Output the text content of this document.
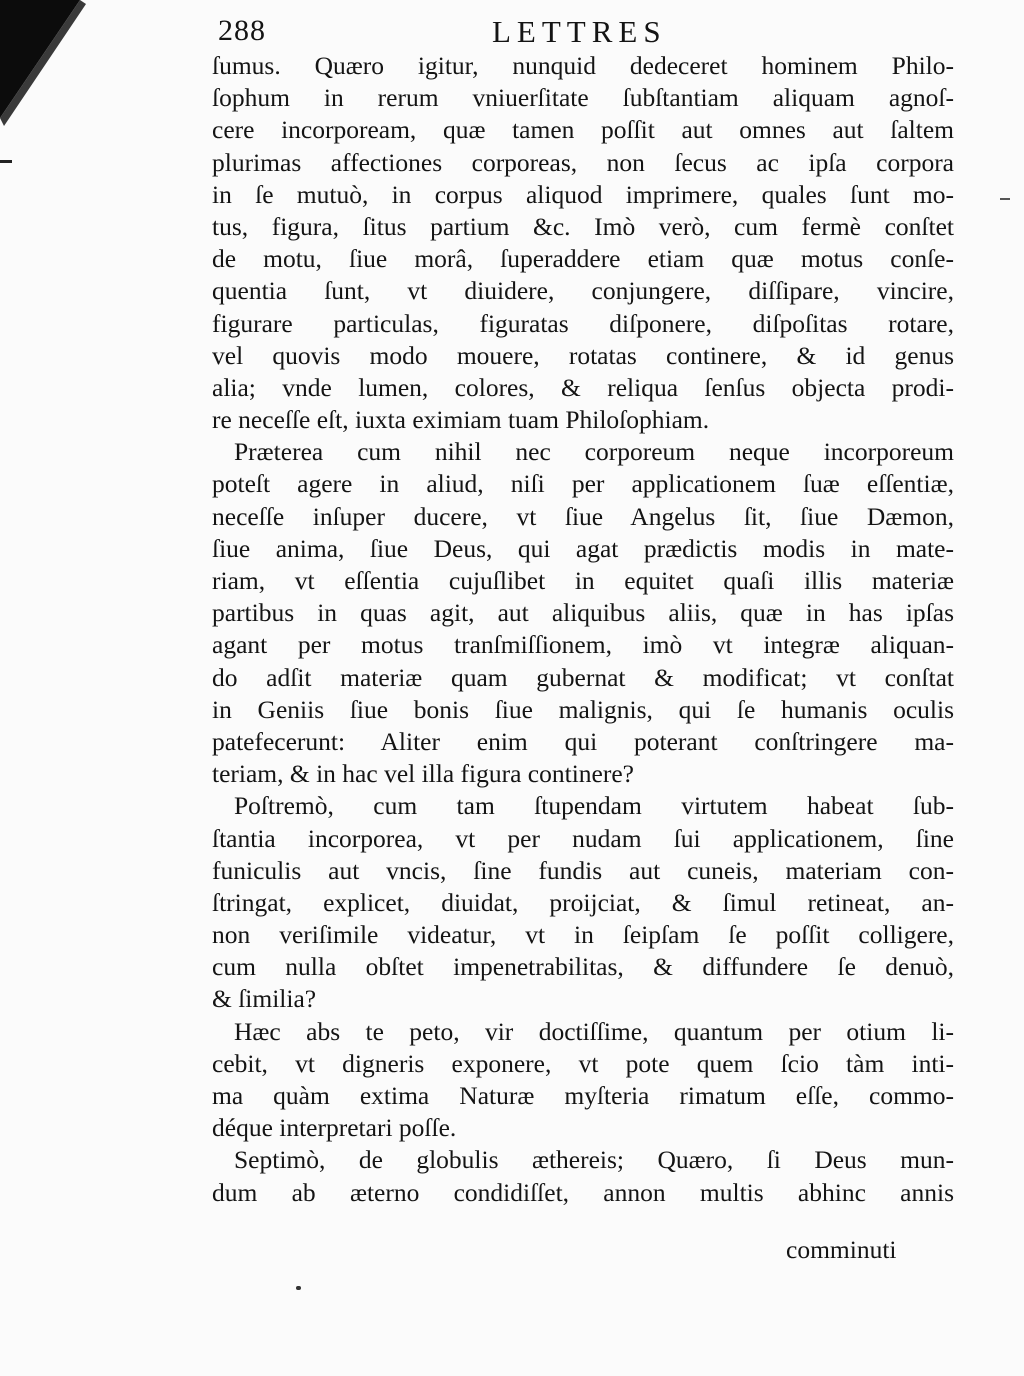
288	LETTRES
ſumus. Quæro igitur, nunquid dedeceret hominem Philo-
ſophum in rerum vniuerſitate ſubſtantiam aliquam agnoſ-
cere incorpoream, quæ tamen poſſit aut omnes aut ſaltem
plurimas affectiones corporeas, non ſecus ac ipſa corpora
in ſe mutuò, in corpus aliquod imprimere, quales ſunt mo-
tus, figura, ſitus partium &c. Imò verò, cum fermè conſtet
de motu, ſiue morâ, ſuperaddere etiam quæ motus conſe-
quentia ſunt, vt diuidere, conjungere, diſſipare, vincire,
figurare particulas, figuratas diſponere, diſpoſitas rotare,
vel quovis modo mouere, rotatas continere, & id genus
alia; vnde lumen, colores, & reliqua ſenſus objecta prodi-
re neceſſe eſt, iuxta eximiam tuam Philoſophiam.
Præterea cum nihil nec corporeum neque incorporeum
poteſt agere in aliud, niſi per applicationem ſuæ eſſentiæ,
neceſſe inſuper ducere, vt ſiue Angelus ſit, ſiue Dæmon,
ſiue anima, ſiue Deus, qui agat prædictis modis in mate-
riam, vt eſſentia cujuſlibet in equitet quaſi illis materiæ
partibus in quas agit, aut aliquibus aliis, quæ in has ipſas
agant per motus tranſmiſſionem, imò vt integræ aliquan-
do adſit materiæ quam gubernat & modificat; vt conſtat
in Geniis ſiue bonis ſiue malignis, qui ſe humanis oculis
patefecerunt: Aliter enim qui poterant conſtringere ma-
teriam, & in hac vel illa figura continere?
Poſtremò, cum tam ſtupendam virtutem habeat ſub-
ſtantia incorporea, vt per nudam ſui applicationem, ſine
funiculis aut vncis, ſine fundis aut cuneis, materiam con-
ſtringat, explicet, diuidat, proijciat, & ſimul retineat, an-
non veriſimile videatur, vt in ſeipſam ſe poſſit colligere,
cum nulla obſtet impenetrabilitas, & diffundere ſe denuò,
& ſimilia?
Hæc abs te peto, vir doctiſſime, quantum per otium li-
cebit, vt digneris exponere, vt pote quem ſcio tàm inti-
ma quàm extima Naturæ myſteria rimatum eſſe, commo-
déque interpretari poſſe.
Septimò, de globulis æthereis; Quæro, ſi Deus mun-
dum ab æterno condidiſſet, annon multis abhinc annis
comminuti
